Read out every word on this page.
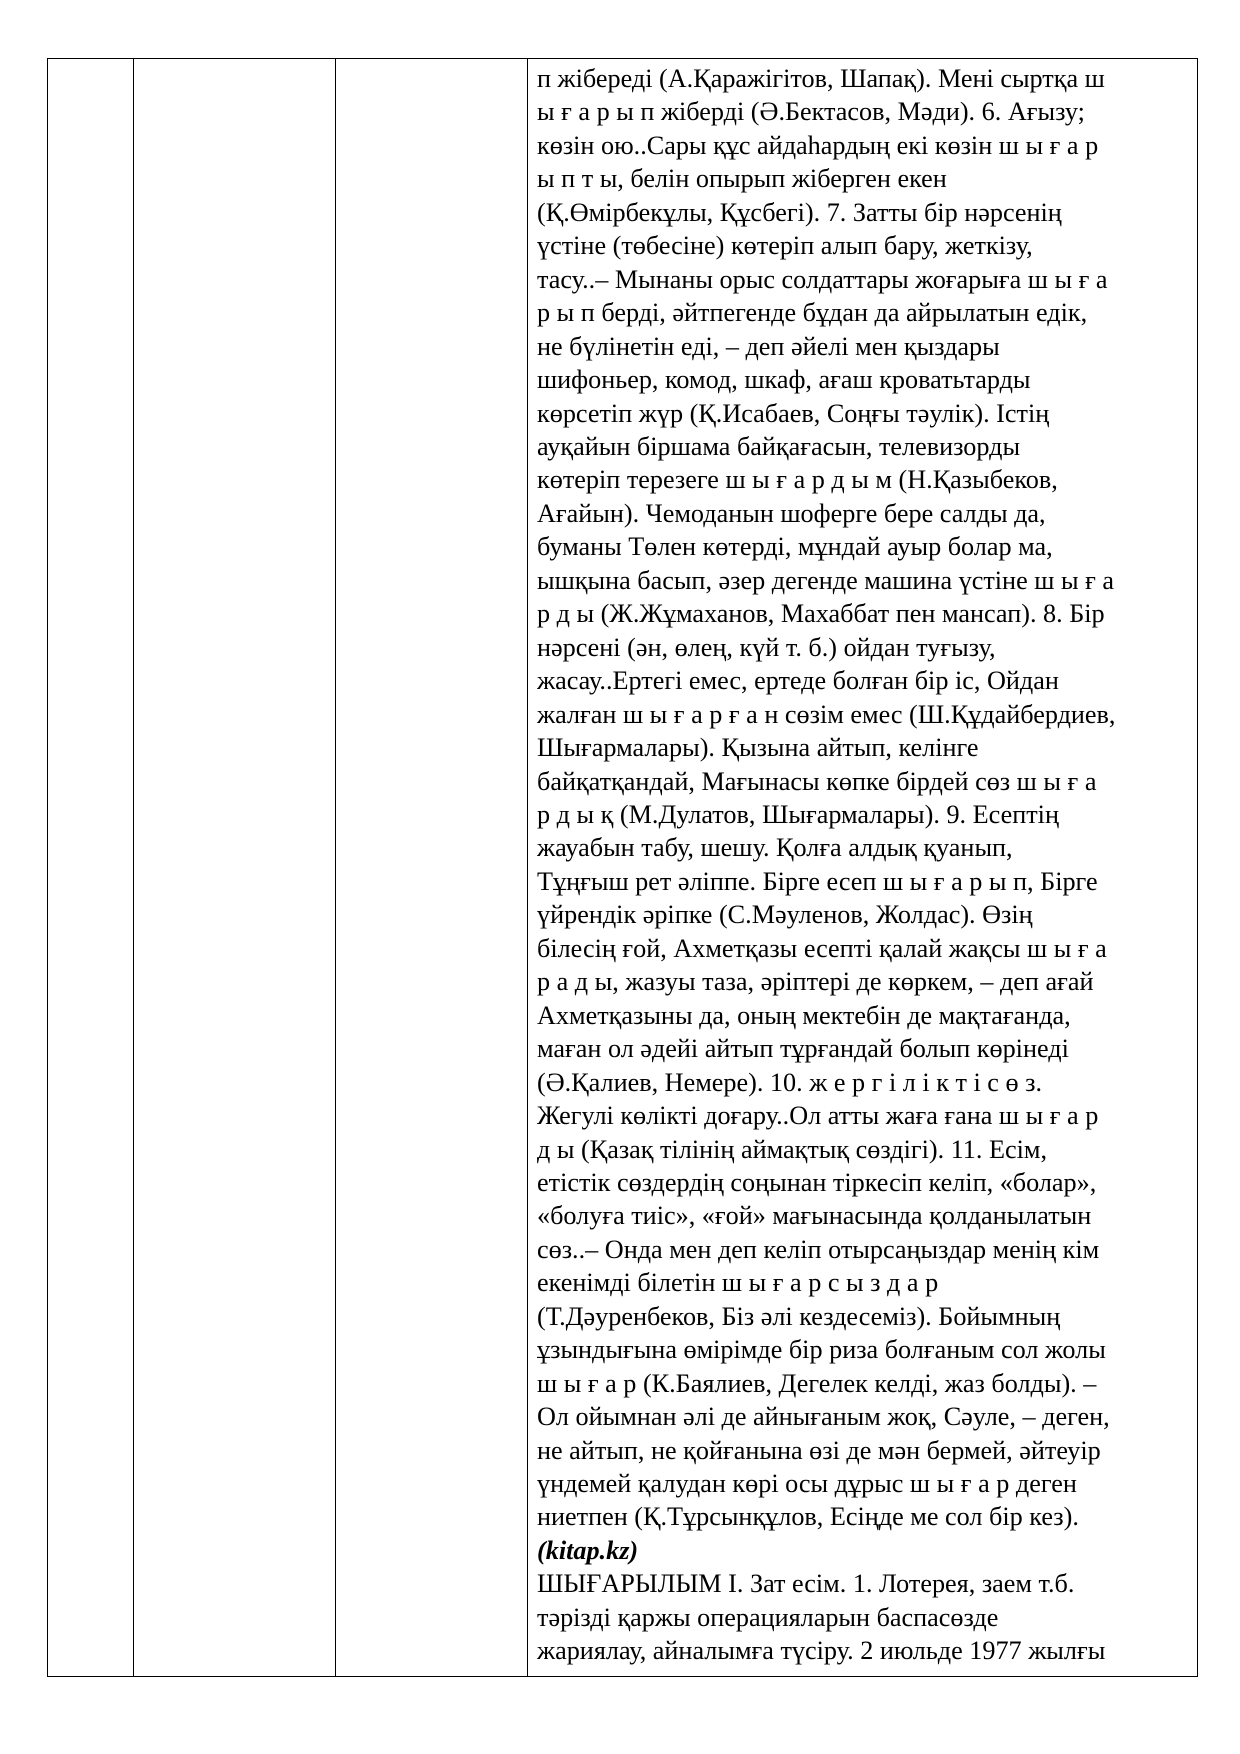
п жібереді (А.Қаражігітов, Шапақ). Мені сыртқа ш
ы ғ а р ы п жіберді (Ә.Бектасов, Мәди). 6. Ағызу;
көзін ою..Сары құс айдаһардың екі көзін ш ы ғ а р
ы п т ы, белін опырып жіберген екен
(Қ.Өмірбекұлы, Құсбегі). 7. Затты бір нәрсенің
үстіне (төбесіне) көтеріп алып бару, жеткізу,
тасу..– Мынаны орыс солдаттары жоғарыға ш ы ғ а
р ы п берді, әйтпегенде бұдан да айрылатын едік,
не бүлінетін еді, – деп әйелі мен қыздары
шифоньер, комод, шкаф, ағаш кроватьтарды
көрсетіп жүр (Қ.Исабаев, Соңғы тәулік). Істің
ауқайын біршама байқағасын, телевизорды
көтеріп терезеге ш ы ғ а р д ы м (Н.Қазыбеков,
Ағайын). Чемоданын шоферге бере салды да,
буманы Төлен көтерді, мұндай ауыр болар ма,
ышқына басып, әзер дегенде машина үстіне ш ы ғ а
р д ы (Ж.Жұмаханов, Махаббат пен мансап). 8. Бір
нәрсені (ән, өлең, күй т. б.) ойдан туғызу,
жасау..Ертегі емес, ертеде болған бір іс, Ойдан
жалған ш ы ғ а р ғ а н сөзім емес (Ш.Құдайбердиев,
Шығармалары). Қызына айтып, келінге
байқатқандай, Мағынасы көпке бірдей сөз ш ы ғ а
р д ы қ (М.Дулатов, Шығармалары). 9. Есептің
жауабын табу, шешу. Қолға алдық қуанып,
Тұңғыш рет әліппе. Бірге есеп ш ы ғ а р ы п, Бірге
үйрендік әріпке (С.Мәуленов, Жолдас). Өзің
білесің ғой, Ахметқазы есепті қалай жақсы ш ы ғ а
р а д ы, жазуы таза, әріптері де көркем, – деп ағай
Ахметқазыны да, оның мектебін де мақтағанда,
маған ол әдейі айтып тұрғандай болып көрінеді
(Ә.Қалиев, Немере). 10. ж е р г і л і к т і с ө з.
Жегулі көлікті доғару..Ол атты жаға ғана ш ы ғ а р
д ы (Қазақ тілінің аймақтық сөздігі). 11. Есім,
етістік сөздердің соңынан тіркесіп келіп, «болар»,
«болуға тиіс», «ғой» мағынасында қолданылатын
сөз..– Онда мен деп келіп отырсаңыздар менің кім
екенімді білетін ш ы ғ а р с ы з д а р
(Т.Дәуренбеков, Біз әлі кездесеміз). Бойымның
ұзындығына өмірімде бір риза болғаным сол жолы
ш ы ғ а р (К.Баялиев, Дегелек келді, жаз болды). –
Ол ойымнан әлі де айнығаным жоқ, Сәуле, – деген,
не айтып, не қойғанына өзі де мән бермей, әйтеуір
үндемей қалудан көрі осы дұрыс ш ы ғ а р деген
ниетпен (Қ.Тұрсынқұлов, Есіңде ме сол бір кез).
(kitap.kz)
ШЫҒАРЫЛЫМ I. Зат есім. 1. Лотерея, заем т.б.
тәрізді қаржы операцияларын баспасөзде
жариялау, айналымға түсіру. 2 июльде 1977 жылғы
